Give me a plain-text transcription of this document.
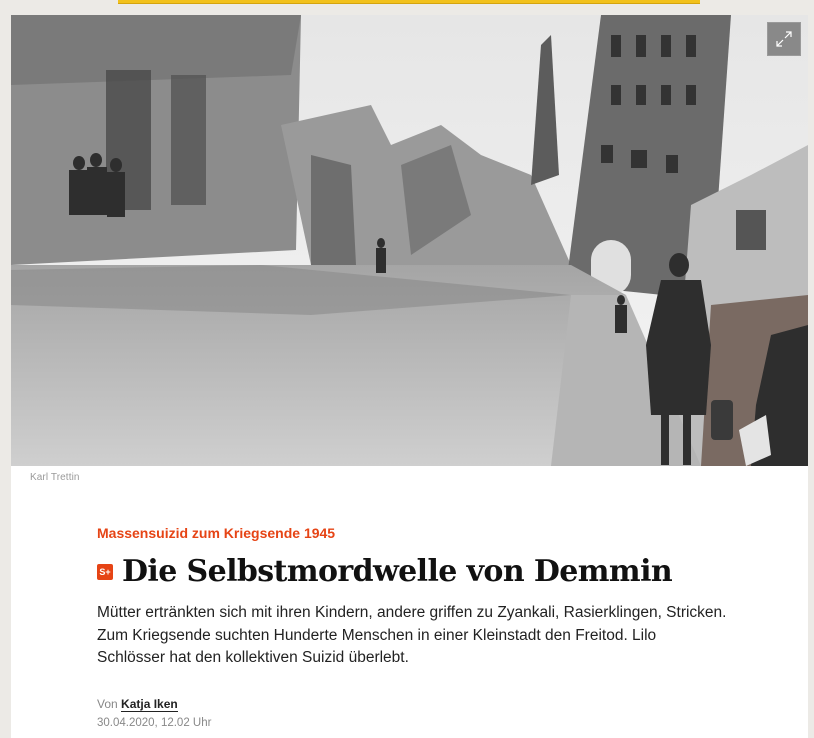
Karl Trettin

Massensuizid zum Kriegsende 1945

S+ Die Selbstmordwelle von Demmin
Mütter ertränkten sich mit ihren Kindern, andere griffen zu Zyankali, Rasierklingen, Stricken. Zum Kriegsende suchten Hunderte Menschen in einer Kleinstadt den Freitod. Lilo Schlösser hat den kollektiven Suizid überlebt.
Von Katja Iken
30.04.2020, 12.02 Uhr
